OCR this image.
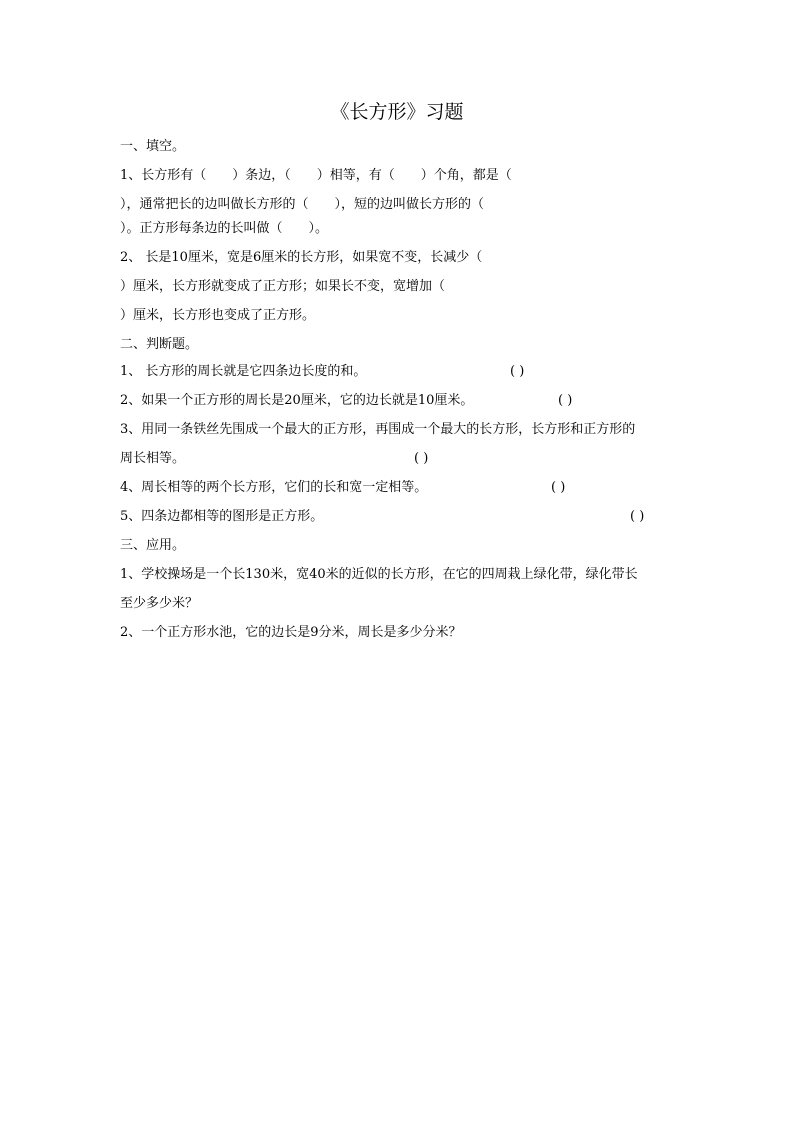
《长方形》习题
一、填空。
1、长方形有（　　）条边，（　　）相等，有（　　）个角，都是（
），通常把长的边叫做长方形的（　　），短的边叫做长方形的（
）。正方形每条边的长叫做（　　）。
2、 长是10厘米，宽是6厘米的长方形，如果宽不变，长减少（
）厘米，长方形就变成了正方形；如果长不变，宽增加（
）厘米，长方形也变成了正方形。
二、判断题。
1、 长方形的周长就是它四条边长度的和。	( )
2、如果一个正方形的周长是20厘米，它的边长就是10厘米。	( )
3、用同一条铁丝先围成一个最大的正方形，再围成一个最大的长方形，长方形和正方形的
周长相等。	( )
4、周长相等的两个长方形，它们的长和宽一定相等。	( )
5、四条边都相等的图形是正方形。	( )
三、应用。
1、学校操场是一个长130米，宽40米的近似的长方形，在它的四周栽上绿化带，绿化带长
至少多少米？
2、一个正方形水池，它的边长是9分米，周长是多少分米？
